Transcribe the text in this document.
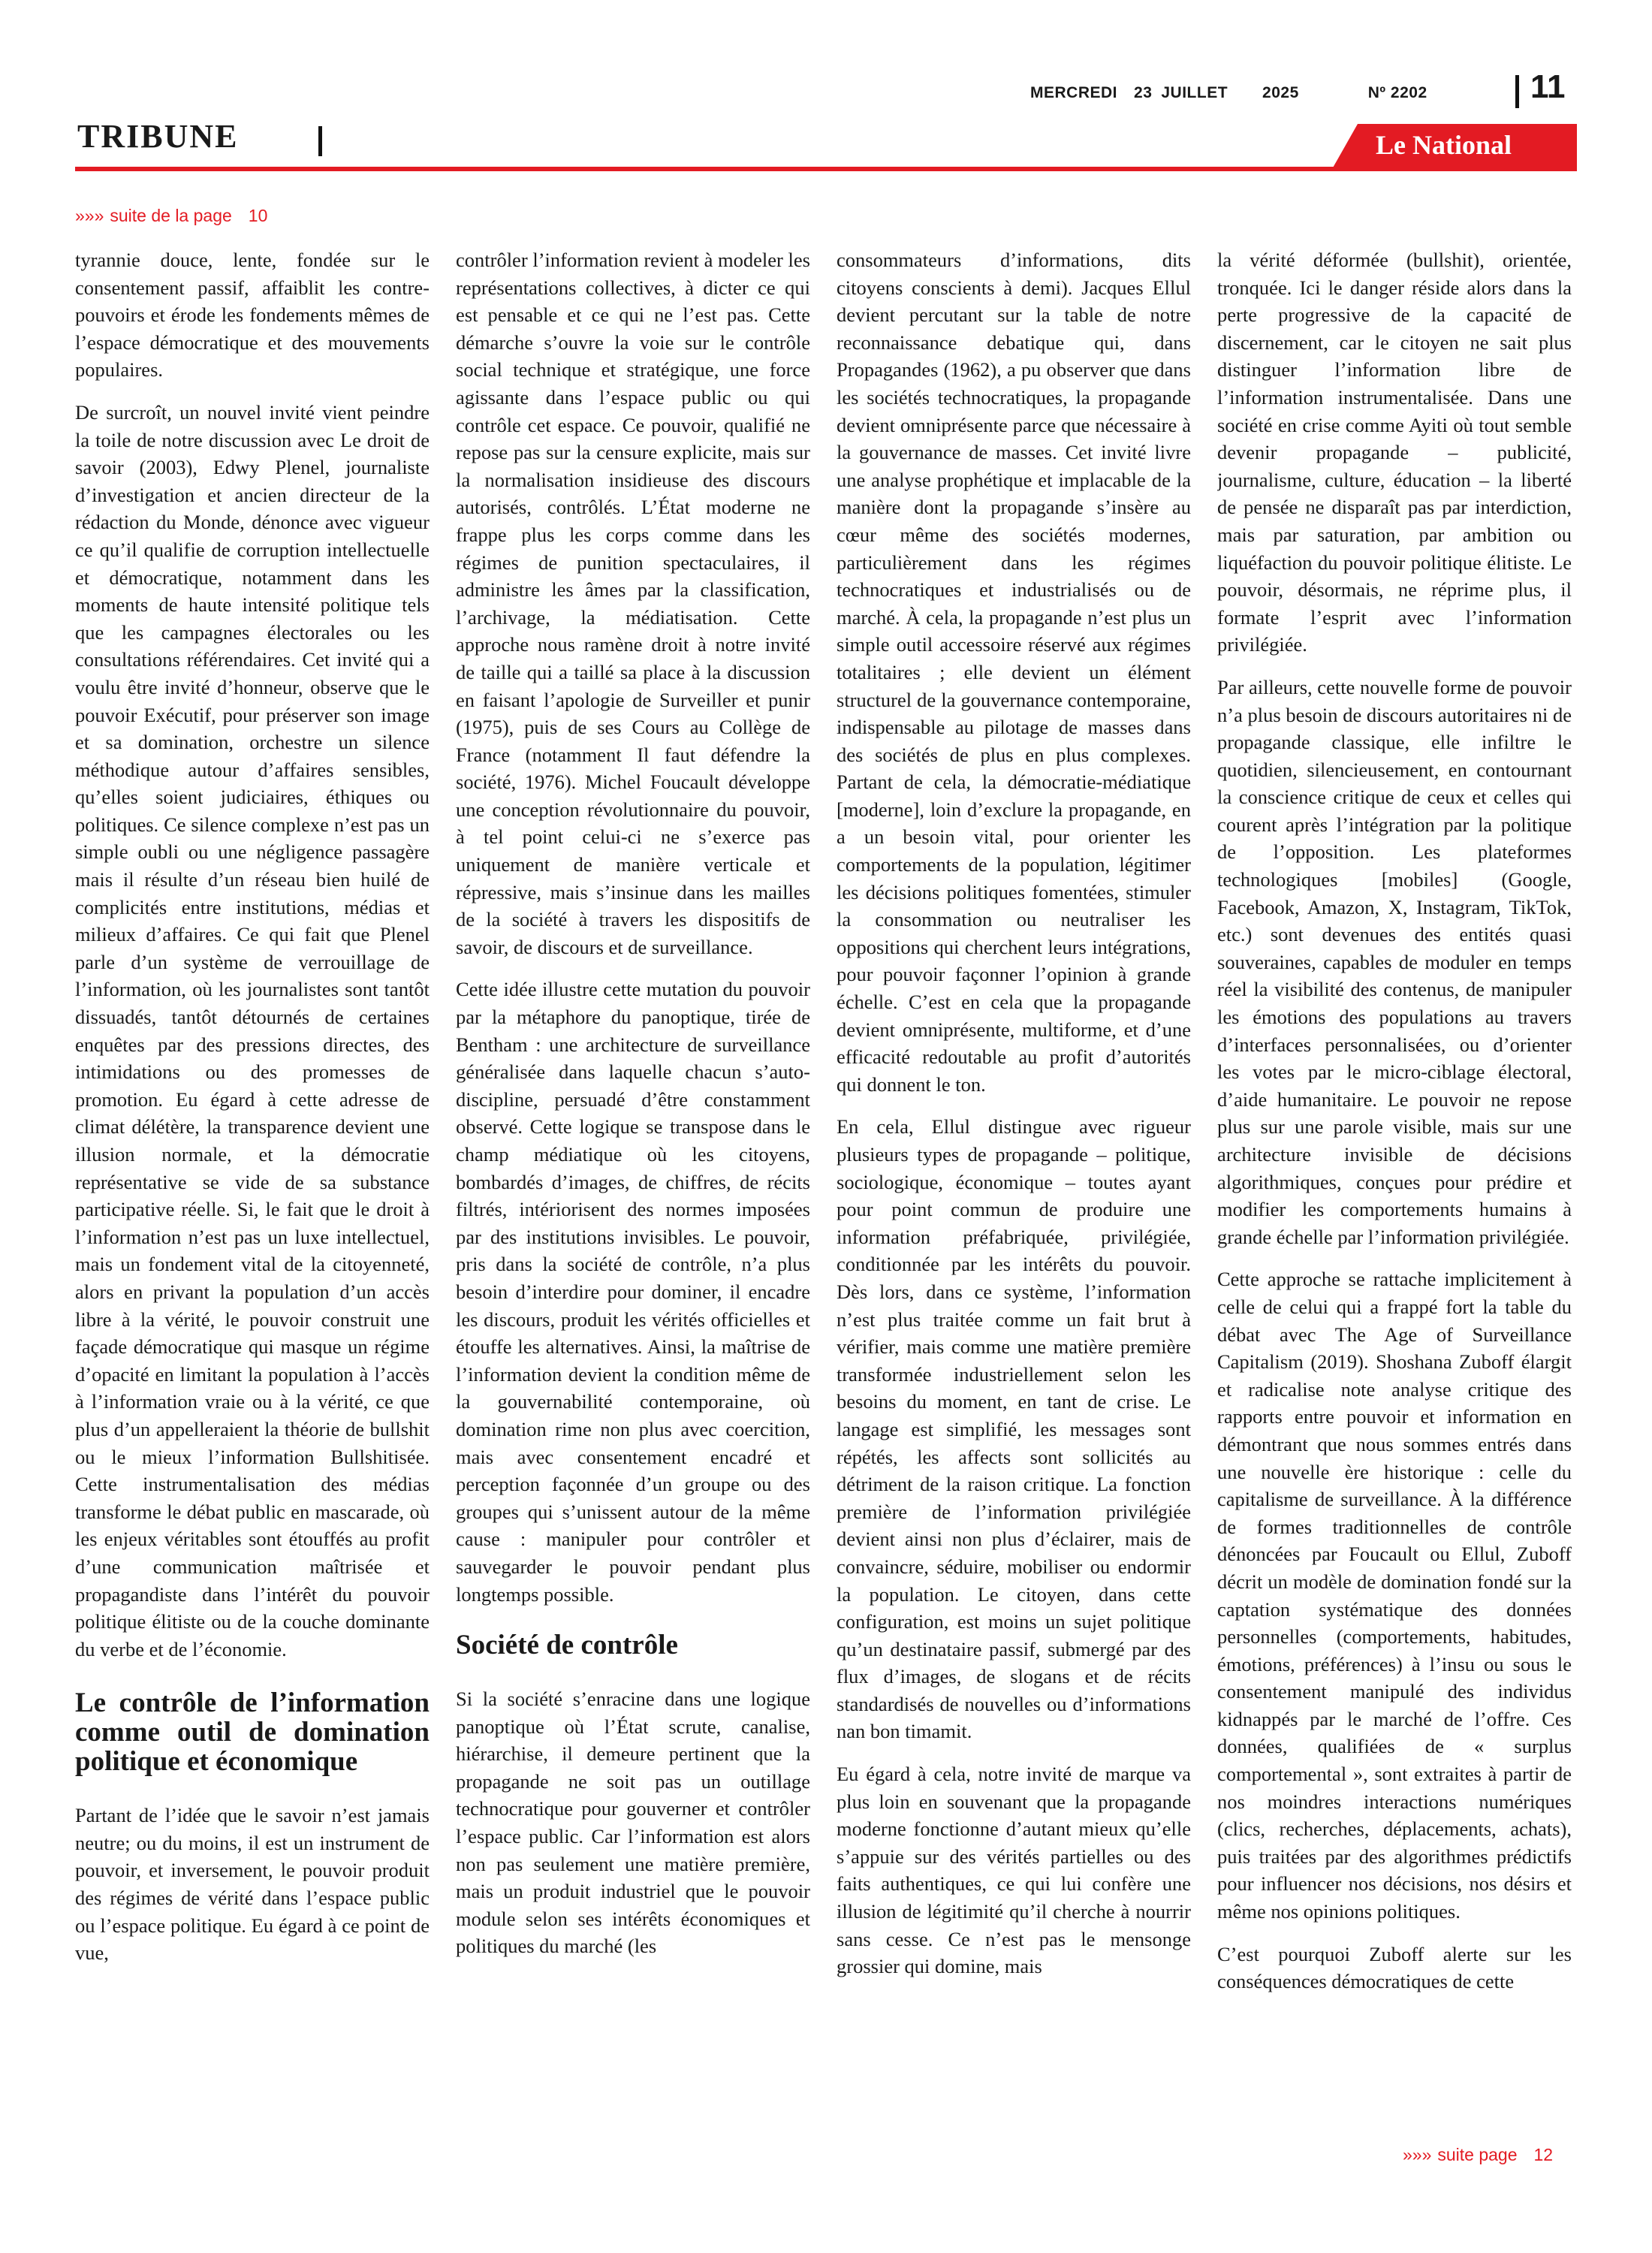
MERCREDI 23 JUILLET 2025	Nº 2202	11
TRIBUNE	Le National
»»» suite de la page 10

tyrannie douce, lente, fondée sur le consentement passif, affaiblit les contre-pouvoirs et érode les fondements mêmes de l’espace démocratique et des mouvements populaires.

De surcroît, un nouvel invité vient peindre la toile de notre discussion avec Le droit de savoir (2003), Edwy Plenel, journaliste d’investigation et ancien directeur de la rédaction du Monde, dénonce avec vigueur ce qu’il qualifie de corruption intellectuelle et démocratique, notamment dans les moments de haute intensité politique tels que les campagnes électorales ou les consultations référendaires. Cet invité qui a voulu être invité d’honneur, observe que le pouvoir Exécutif, pour préserver son image et sa domination, orchestre un silence méthodique autour d’affaires sensibles, qu’elles soient judiciaires, éthiques ou politiques. Ce silence complexe n’est pas un simple oubli ou une négligence passagère mais il résulte d’un réseau bien huilé de complicités entre institutions, médias et milieux d’affaires. Ce qui fait que Plenel parle d’un système de verrouillage de l’information, où les journalistes sont tantôt dissuadés, tantôt détournés de certaines enquêtes par des pressions directes, des intimidations ou des promesses de promotion. Eu égard à cette adresse de climat délétère, la transparence devient une illusion normale, et la démocratie représentative se vide de sa substance participative réelle. Si, le fait que le droit à l’information n’est pas un luxe intellectuel, mais un fondement vital de la citoyenneté, alors en privant la population d’un accès libre à la vérité, le pouvoir construit une façade démocratique qui masque un régime d’opacité en limitant la population à l’accès à l’information vraie ou à la vérité, ce que plus d’un appelleraient la théorie de bullshit ou le mieux l’information Bullshitisée. Cette instrumentalisation des médias transforme le débat public en mascarade, où les enjeux véritables sont étouffés au profit d’une communication maîtrisée et propagandiste dans l’intérêt du pouvoir politique élitiste ou de la couche dominante du verbe et de l’économie.

Le contrôle de l’information comme outil de domination politique et économique

Partant de l’idée que le savoir n’est jamais neutre; ou du moins, il est un instrument de pouvoir, et inversement, le pouvoir produit des régimes de vérité dans l’espace public ou l’espace politique. Eu égard à ce point de vue,

contrôler l’information revient à modeler les représentations collectives, à dicter ce qui est pensable et ce qui ne l’est pas. Cette démarche s’ouvre la voie sur le contrôle social technique et stratégique, une force agissante dans l’espace public ou qui contrôle cet espace. Ce pouvoir, qualifié ne repose pas sur la censure explicite, mais sur la normalisation insidieuse des discours autorisés, contrôlés. L’État moderne ne frappe plus les corps comme dans les régimes de punition spectaculaires, il administre les âmes par la classification, l’archivage, la médiatisation. Cette approche nous ramène droit à notre invité de taille qui a taillé sa place à la discussion en faisant l’apologie de Surveiller et punir (1975), puis de ses Cours au Collège de France (notamment Il faut défendre la société, 1976). Michel Foucault développe une conception révolutionnaire du pouvoir, à tel point celui-ci ne s’exerce pas uniquement de manière verticale et répressive, mais s’insinue dans les mailles de la société à travers les dispositifs de savoir, de discours et de surveillance.

Cette idée illustre cette mutation du pouvoir par la métaphore du panoptique, tirée de Bentham : une architecture de surveillance généralisée dans laquelle chacun s’auto-discipline, persuadé d’être constamment observé. Cette logique se transpose dans le champ médiatique où les citoyens, bombardés d’images, de chiffres, de récits filtrés, intériorisent des normes imposées par des institutions invisibles. Le pouvoir, pris dans la société de contrôle, n’a plus besoin d’interdire pour dominer, il encadre les discours, produit les vérités officielles et étouffe les alternatives. Ainsi, la maîtrise de l’information devient la condition même de la gouvernabilité contemporaine, où domination rime non plus avec coercition, mais avec consentement encadré et perception façonnée d’un groupe ou des groupes qui s’unissent autour de la même cause : manipuler pour contrôler et sauvegarder le pouvoir pendant plus longtemps possible.

Société de contrôle

Si la société s’enracine dans une logique panoptique où l’État scrute, canalise, hiérarchise, il demeure pertinent que la propagande ne soit pas un outillage technocratique pour gouverner et contrôler l’espace public. Car l’information est alors non pas seulement une matière première, mais un produit industriel que le pouvoir module selon ses intérêts économiques et politiques du marché (les

consommateurs d’informations, dits citoyens conscients à demi). Jacques Ellul devient percutant sur la table de notre reconnaissance debatique qui, dans Propagandes (1962), a pu observer que dans les sociétés technocratiques, la propagande devient omniprésente parce que nécessaire à la gouvernance de masses. Cet invité livre une analyse prophétique et implacable de la manière dont la propagande s’insère au cœur même des sociétés modernes, particulièrement dans les régimes technocratiques et industrialisés ou de marché. À cela, la propagande n’est plus un simple outil accessoire réservé aux régimes totalitaires ; elle devient un élément structurel de la gouvernance contemporaine, indispensable au pilotage de masses dans des sociétés de plus en plus complexes. Partant de cela, la démocratie-médiatique [moderne], loin d’exclure la propagande, en a un besoin vital, pour orienter les comportements de la population, légitimer les décisions politiques fomentées, stimuler la consommation ou neutraliser les oppositions qui cherchent leurs intégrations, pour pouvoir façonner l’opinion à grande échelle. C’est en cela que la propagande devient omniprésente, multiforme, et d’une efficacité redoutable au profit d’autorités qui donnent le ton.

En cela, Ellul distingue avec rigueur plusieurs types de propagande – politique, sociologique, économique – toutes ayant pour point commun de produire une information préfabriquée, privilégiée, conditionnée par les intérêts du pouvoir. Dès lors, dans ce système, l’information n’est plus traitée comme un fait brut à vérifier, mais comme une matière première transformée industriellement selon les besoins du moment, en tant de crise. Le langage est simplifié, les messages sont répétés, les affects sont sollicités au détriment de la raison critique. La fonction première de l’information privilégiée devient ainsi non plus d’éclairer, mais de convaincre, séduire, mobiliser ou endormir la population. Le citoyen, dans cette configuration, est moins un sujet politique qu’un destinataire passif, submergé par des flux d’images, de slogans et de récits standardisés de nouvelles ou d’informations nan bon timamit.

Eu égard à cela, notre invité de marque va plus loin en souvenant que la propagande moderne fonctionne d’autant mieux qu’elle s’appuie sur des vérités partielles ou des faits authentiques, ce qui lui confère une illusion de légitimité qu’il cherche à nourrir sans cesse. Ce n’est pas le mensonge grossier qui domine, mais

la vérité déformée (bullshit), orientée, tronquée. Ici le danger réside alors dans la perte progressive de la capacité de discernement, car le citoyen ne sait plus distinguer l’information libre de l’information instrumentalisée. Dans une société en crise comme Ayiti où tout semble devenir propagande – publicité, journalisme, culture, éducation – la liberté de pensée ne disparaît pas par interdiction, mais par saturation, par ambition ou liquéfaction du pouvoir politique élitiste. Le pouvoir, désormais, ne réprime plus, il formate l’esprit avec l’information privilégiée.

Par ailleurs, cette nouvelle forme de pouvoir n’a plus besoin de discours autoritaires ni de propagande classique, elle infiltre le quotidien, silencieusement, en contournant la conscience critique de ceux et celles qui courent après l’intégration par la politique de l’opposition. Les plateformes technologiques [mobiles] (Google, Facebook, Amazon, X, Instagram, TikTok, etc.) sont devenues des entités quasi souveraines, capables de moduler en temps réel la visibilité des contenus, de manipuler les émotions des populations au travers d’interfaces personnalisées, ou d’orienter les votes par le micro-ciblage électoral, d’aide humanitaire. Le pouvoir ne repose plus sur une parole visible, mais sur une architecture invisible de décisions algorithmiques, conçues pour prédire et modifier les comportements humains à grande échelle par l’information privilégiée.

Cette approche se rattache implicitement à celle de celui qui a frappé fort la table du débat avec The Age of Surveillance Capitalism (2019). Shoshana Zuboff élargit et radicalise note analyse critique des rapports entre pouvoir et information en démontrant que nous sommes entrés dans une nouvelle ère historique : celle du capitalisme de surveillance. À la différence de formes traditionnelles de contrôle dénoncées par Foucault ou Ellul, Zuboff décrit un modèle de domination fondé sur la captation systématique des données personnelles (comportements, habitudes, émotions, préférences) à l’insu ou sous le consentement manipulé des individus kidnappés par le marché de l’offre. Ces données, qualifiées de « surplus comportemental », sont extraites à partir de nos moindres interactions numériques (clics, recherches, déplacements, achats), puis traitées par des algorithmes prédictifs pour influencer nos décisions, nos désirs et même nos opinions politiques.

C’est pourquoi Zuboff alerte sur les conséquences démocratiques de cette

»»» suite page 12
